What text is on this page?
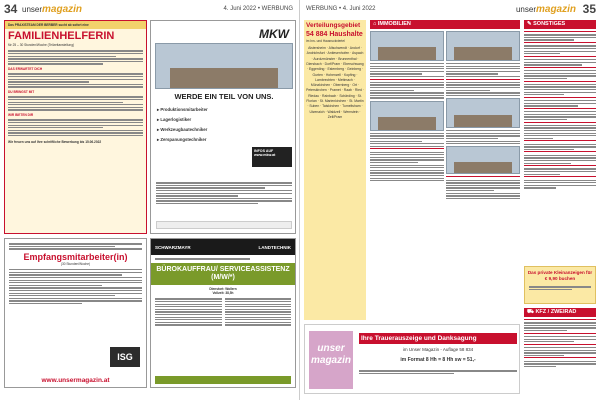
34 unsermagazin	4. Juni 2022 • WERBUNG
Das PRAXISTEAM DER BERBER sucht ab sofort eine
FAMILIENHELFERIN
für 25 – 30 Stunden/Woche (Teilzeitanstellung)
DAS ERWARTET DICH
DU BRINGST MIT
WIR BIETEN DIR
Wir freuen uns auf Ihre schriftliche Bewerbung bis 15.06.2022
MKW
WERDE EIN TEIL VON UNS.
▸ Produktionsmitarbeiter
▸ Lagerlogistiker
▸ Werkzeugbautechniker
▸ Zerspanungstechniker
INFOS AUF www.mkw.at
Empfangsmitarbeiter(in)
(30 Stunden/Woche)
ISG
www.unsermagazin.at
SCHWARZMAYR	LANDTECHNIK
BÜROKAUFFRAU/ SERVICEASSISTENZ (M/W/*)
Dienstort: Wallern
Vollzeit: 38,5h
WERBUNG • 4. Juni 2022	unsermagazin 35
Verteilungsgebiet
54 884 Haushalte
im Inn- und Hausruckviertel
Aistersheim · Altschwendt · Andorf · Andrichsfurt · Antiesenhofen · Aspach · Aurolzmünster · Brunnenthal · Diersbach · Dorf/Pram · Eberschwang · Eggerding · Esternberg · Geinberg · Gurten · Hohenzell · Kopfing · Lambrechten · Mettmach · Münzkirchen · Obernberg · Ort · Peterskirchen · Pramet · Raab · Ried · Riedau · Rainbach · Schärding · St. Florian · St. Marienkirchen · St. Martin · Suben · Taiskirchen · Tumeltsham · Utzenaich · Waldzell · Wernstein · Zell/Pram
⌂ IMMOBILIEN
unser
magazin
Ihre Trauerauszeige und Danksagung
im Unser Magazin - Auflage 58 834
im Format 8 Hh = 8 Hh sw = 51,-
✎ SONSTIGES
Das private Kleinanzeigen für € 9,90 buchen
⛟ KFZ / ZWEIRAD
